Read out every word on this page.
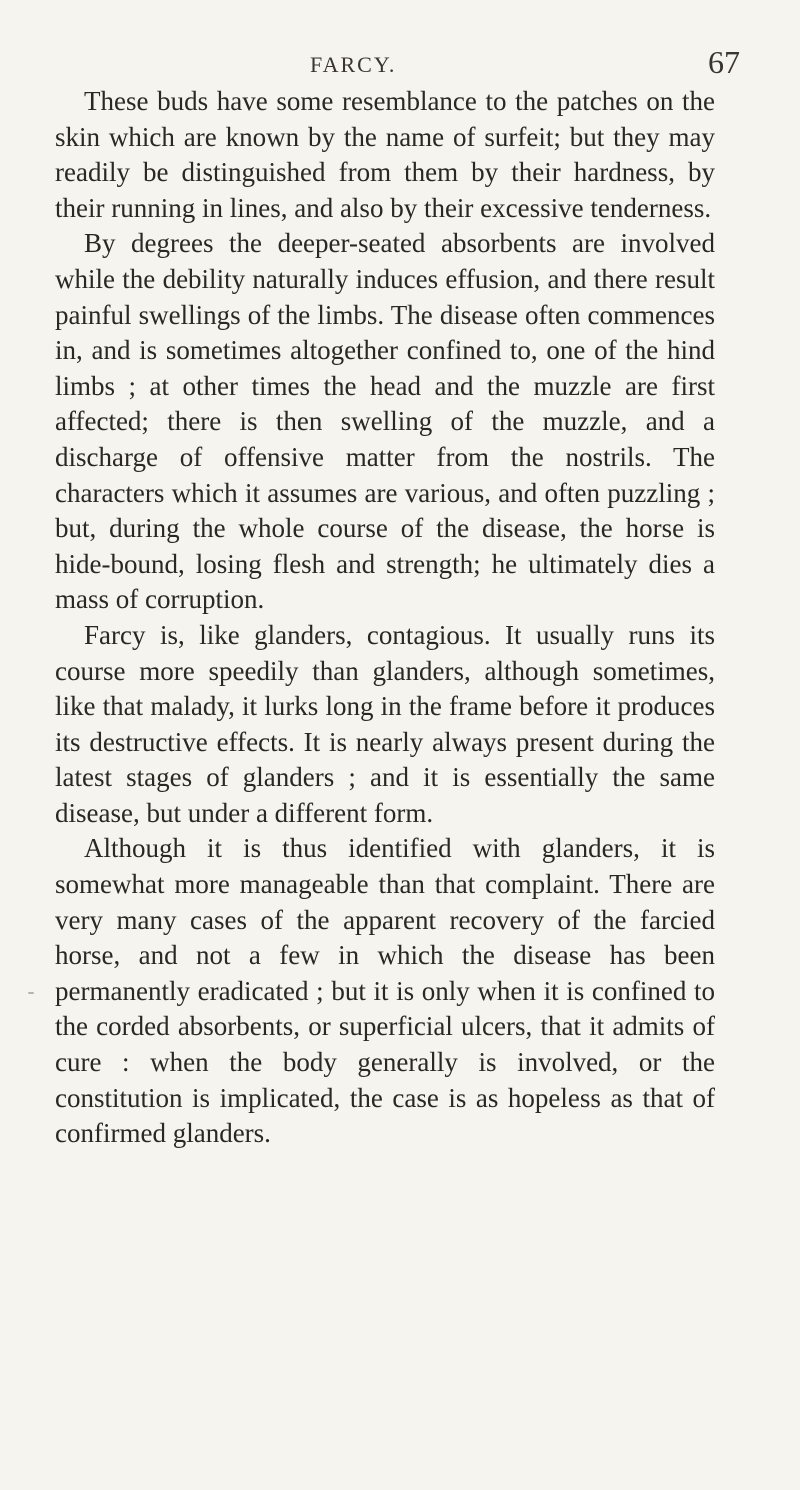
FARCY.	67

These buds have some resemblance to the patches on the skin which are known by the name of surfeit; but they may readily be distinguished from them by their hardness, by their running in lines, and also by their excessive tenderness.

By degrees the deeper-seated absorbents are involved while the debility naturally induces effusion, and there result painful swellings of the limbs. The disease often commences in, and is sometimes altogether confined to, one of the hind limbs ; at other times the head and the muzzle are first affected; there is then swelling of the muzzle, and a discharge of offensive matter from the nostrils. The characters which it assumes are various, and often puzzling ; but, during the whole course of the disease, the horse is hide-bound, losing flesh and strength; he ultimately dies a mass of corruption.

Farcy is, like glanders, contagious. It usually runs its course more speedily than glanders, although sometimes, like that malady, it lurks long in the frame before it produces its destructive effects. It is nearly always present during the latest stages of glanders ; and it is essentially the same disease, but under a different form.

Although it is thus identified with glanders, it is somewhat more manageable than that complaint. There are very many cases of the apparent recovery of the farcied horse, and not a few in which the disease has been permanently eradicated ; but it is only when it is confined to the corded absorbents, or superficial ulcers, that it admits of cure : when the body generally is involved, or the constitution is implicated, the case is as hopeless as that of confirmed glanders.
